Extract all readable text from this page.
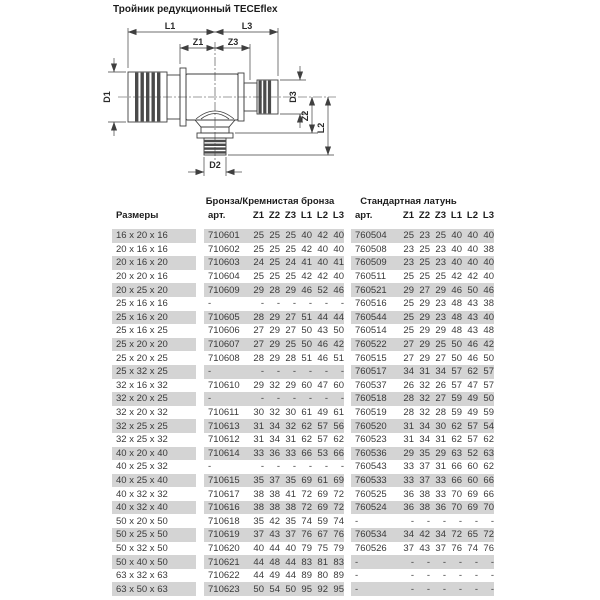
Тройник редукционный TECEflex
L1	L3
Z1	Z3
D1	D3
Z2
L2
D2
Бронза/Кремнистая бронза	Стандартная латунь
Размеры	арт.	Z1 Z2 Z3 L1 L2 L3	арт.	Z1 Z2 Z3 L1 L2 L3
16 x 20 x 16	710601	25 25 25 40 42 40	760504	25 23 25 40 40 40
20 x 16 x 16	710602	25 25 25 42 40 40	760508	23 25 23 40 40 38
20 x 16 x 20	710603	24 25 24 41 40 41	760509	23 25 23 40 40 40
20 x 20 x 16	710604	25 25 25 42 42 40	760511	25 25 25 42 42 40
20 x 25 x 20	710609	29 28 29 46 52 46	760521	29 27 29 46 50 46
25 x 16 x 16	-	-	-	-	-	-	-	760516	25 29 23 48 43 38
25 x 16 x 20	710605	28 29 27 51 44 44	760544	25 29 23 48 43 40
25 x 16 x 25	710606	27 29 27 50 43 50	760514	25 29 29 48 43 48
25 x 20 x 20	710607	27 29 25 50 46 42	760522	27 29 25 50 46 42
25 x 20 x 25	710608	28 29 28 51 46 51	760515	27 29 27 50 46 50
25 x 32 x 25	-	-	-	-	-	-	-	760517	34 31 34 57 62 57
32 x 16 x 32	710610	29 32 29 60 47 60	760537	26 32 26 57 47 57
32 x 20 x 25	-	-	-	-	-	-	-	760518	28 32 27 59 49 50
32 x 20 x 32	710611	30 32 30 61 49 61	760519	28 32 28 59 49 59
32 x 25 x 25	710613	31 34 32 62 57 56	760520	31 34 30 62 57 54
32 x 25 x 32	710612	31 34 31 62 57 62	760523	31 34 31 62 57 62
40 x 20 x 40	710614	33 36 33 66 53 66	760536	29 35 29 63 52 63
40 x 25 x 32	-	-	-	-	-	-	-	760543	33 37 31 66 60 62
40 x 25 x 40	710615	35 37 35 69 61 69	760533	33 37 33 66 60 66
40 x 32 x 32	710617	38 38 41 72 69 72	760525	36 38 33 70 69 66
40 x 32 x 40	710616	38 38 38 72 69 72	760524	36 38 36 70 69 70
50 x 20 x 50	710618	35 42 35 74 59 74	-	-	-	-	-	-	-
50 x 25 x 50	710619	37 43 37 76 67 76	760534	34 42 34 72 65 72
50 x 32 x 50	710620	40 44 40 79 75 79	760526	37 43 37 76 74 76
50 x 40 x 50	710621	44 48 44 83 81 83	-	-	-	-	-	-	-
63 x 32 x 63	710622	44 49 44 89 80 89	-	-	-	-	-	-	-
63 x 50 x 63	710623	50 54 50 95 92 95	-	-	-	-	-	-	-
